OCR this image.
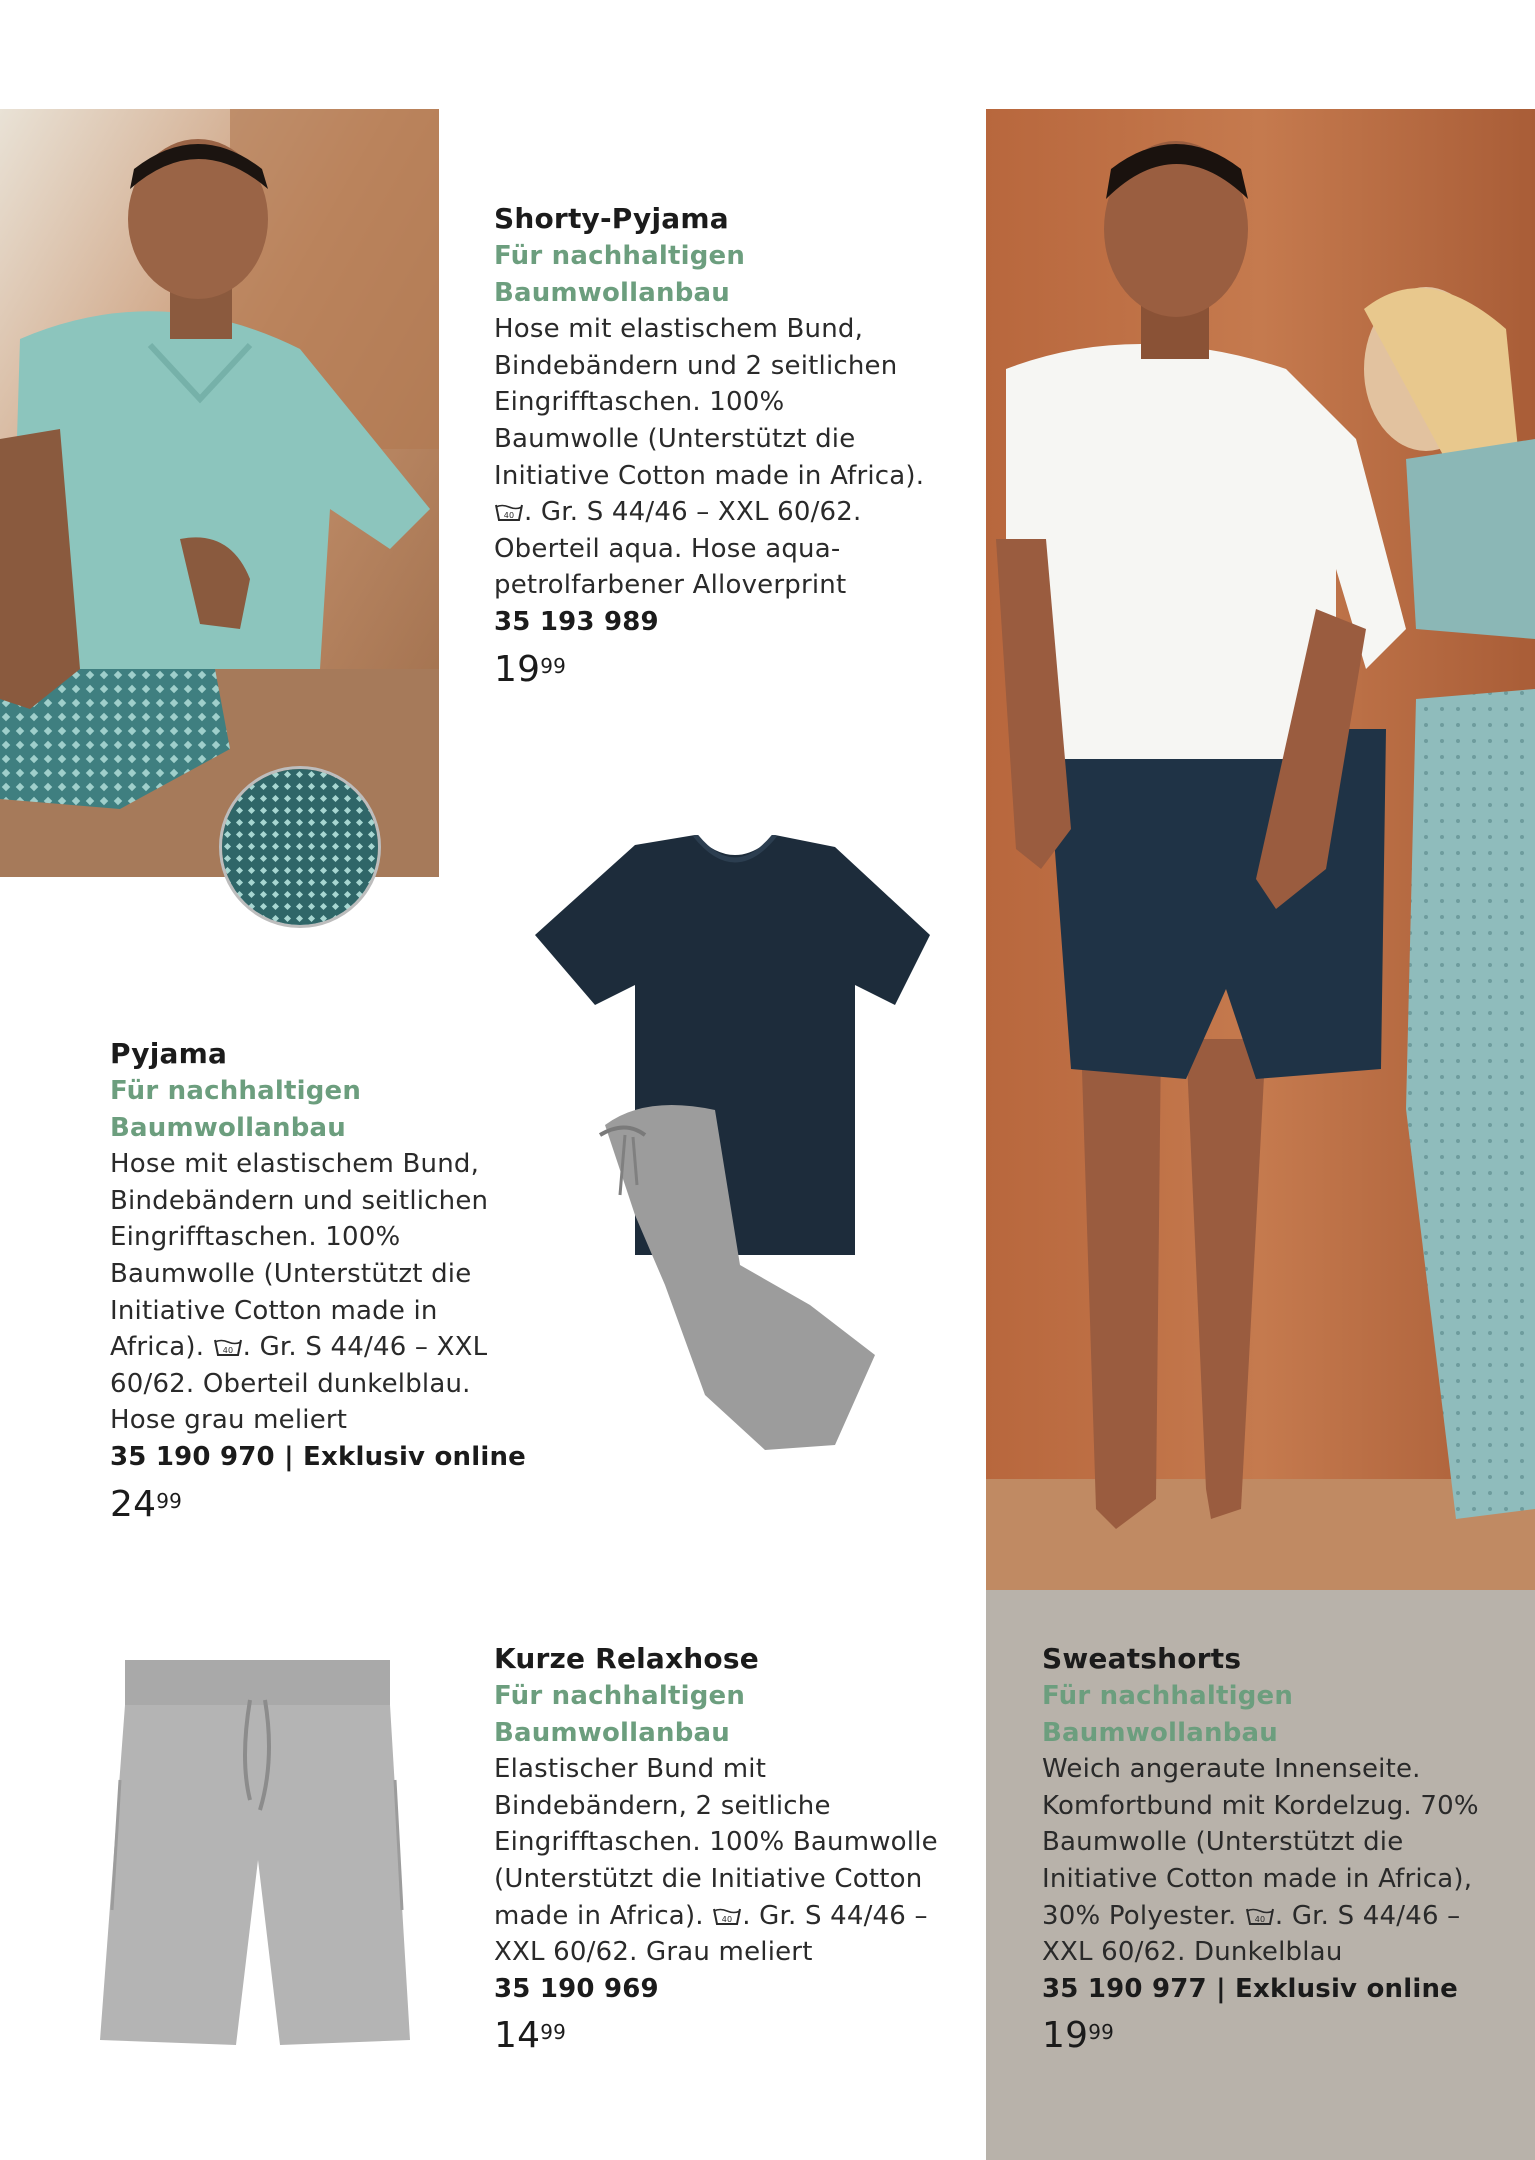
Shorty-Pyjama
Für nachhaltigen Baumwollanbau
Hose mit elastischem Bund, Bindebändern und 2 seitlichen Eingrifftaschen. 100% Baumwolle (Unterstützt die Initiative Cotton made in Africa).
40 . Gr. S 44/46 – XXL 60/62. Oberteil aqua. Hose aqua-petrolfarbener Alloverprint
35 193 989
$19^{99}$
Pyjama
Für nachhaltigen Baumwollanbau
Hose mit elastischem Bund, Bindebändern und seitlichen Eingrifftaschen. 100% Baumwolle (Unterstützt die Initiative Cotton made in Africa). 40 . Gr. S 44/46 – XXL 60/62. Oberteil dunkelblau. Hose grau meliert
35 190 970 | Exklusiv online
$24^{99}$
Kurze Relaxhose
Für nachhaltigen Baumwollanbau
Elastischer Bund mit Bindebändern, 2 seitliche Eingrifftaschen. 100% Baumwolle (Unterstützt die Initiative Cotton made in Africa). 40 . Gr. S 44/46 – XXL 60/62. Grau meliert
35 190 969
$14^{99}$
Sweatshorts
Für nachhaltigen Baumwollanbau
Weich angeraute Innenseite. Komfortbund mit Kordelzug. 70% Baumwolle (Unterstützt die Initiative Cotton made in Africa), 30% Polyester. 40 . Gr. S 44/46 – XXL 60/62. Dunkelblau
35 190 977 | Exklusiv online
$19^{99}$
